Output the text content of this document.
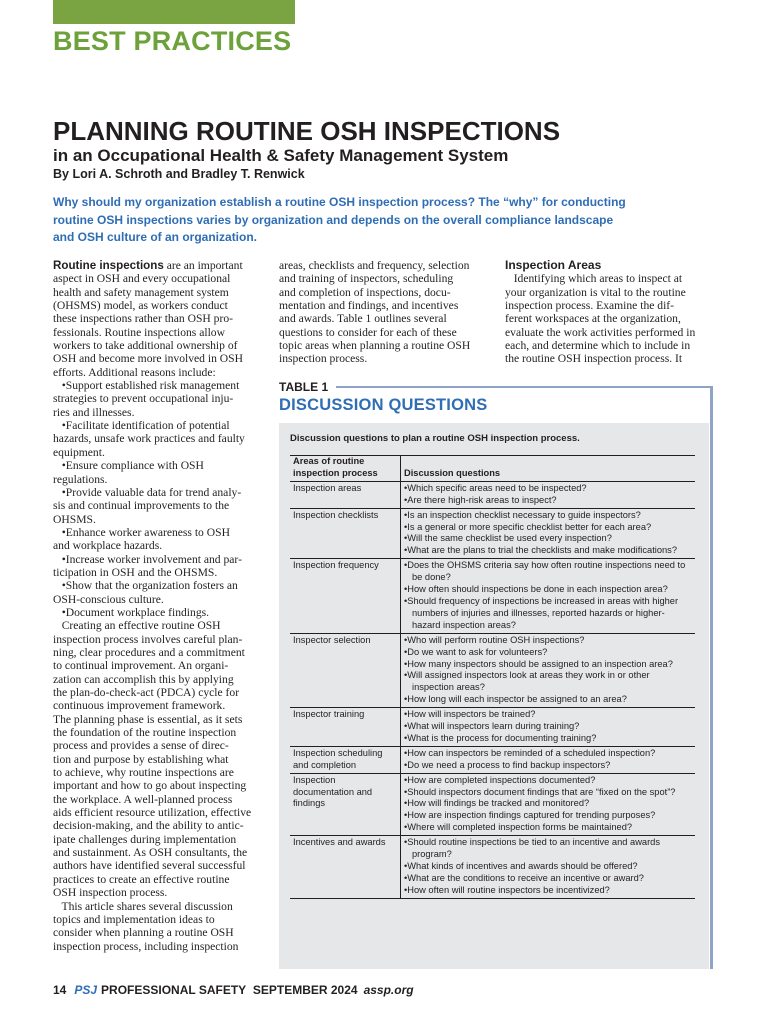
BEST PRACTICES
PLANNING ROUTINE OSH INSPECTIONS
in an Occupational Health & Safety Management System
By Lori A. Schroth and Bradley T. Renwick
Why should my organization establish a routine OSH inspection process? The “why” for conducting
routine OSH inspections varies by organization and depends on the overall compliance landscape
and OSH culture of an organization.
Routine inspections are an important
aspect in OSH and every occupational
health and safety management system
(OHSMS) model, as workers conduct
these inspections rather than OSH pro-
fessionals. Routine inspections allow
workers to take additional ownership of
OSH and become more involved in OSH
efforts. Additional reasons include:
•Support established risk management
strategies to prevent occupational inju-
ries and illnesses.
•Facilitate identification of potential
hazards, unsafe work practices and faulty
equipment.
•Ensure compliance with OSH
regulations.
•Provide valuable data for trend analy-
sis and continual improvements to the
OHSMS.
•Enhance worker awareness to OSH
and workplace hazards.
•Increase worker involvement and par-
ticipation in OSH and the OHSMS.
•Show that the organization fosters an
OSH-conscious culture.
•Document workplace findings.
Creating an effective routine OSH
inspection process involves careful plan-
ning, clear procedures and a commitment
to continual improvement. An organi-
zation can accomplish this by applying
the plan-do-check-act (PDCA) cycle for
continuous improvement framework.
The planning phase is essential, as it sets
the foundation of the routine inspection
process and provides a sense of direc-
tion and purpose by establishing what
to achieve, why routine inspections are
important and how to go about inspecting
the workplace. A well-planned process
aids efficient resource utilization, effective
decision-making, and the ability to antic-
ipate challenges during implementation
and sustainment. As OSH consultants, the
authors have identified several successful
practices to create an effective routine
OSH inspection process.
This article shares several discussion
topics and implementation ideas to
consider when planning a routine OSH
inspection process, including inspection
areas, checklists and frequency, selection
and training of inspectors, scheduling
and completion of inspections, docu-
mentation and findings, and incentives
and awards. Table 1 outlines several
questions to consider for each of these
topic areas when planning a routine OSH
inspection process.
Inspection Areas
Identifying which areas to inspect at
your organization is vital to the routine
inspection process. Examine the dif-
ferent workspaces at the organization,
evaluate the work activities performed in
each, and determine which to include in
the routine OSH inspection process. It
TABLE 1
DISCUSSION QUESTIONS
Discussion questions to plan a routine OSH inspection process.
Areas of routine inspection process	Discussion questions
Inspection areas	•Which specific areas need to be inspected?
•Are there high-risk areas to inspect?

Inspection checklists	•Is an inspection checklist necessary to guide inspectors?
•Is a general or more specific checklist better for each area?
•Will the same checklist be used every inspection?
•What are the plans to trial the checklists and make modifications?

Inspection frequency	•Does the OHSMS criteria say how often routine inspections need to be done?
•How often should inspections be done in each inspection area?
•Should frequency of inspections be increased in areas with higher numbers of injuries and illnesses, reported hazards or higher-hazard inspection areas?

Inspector selection	•Who will perform routine OSH inspections?
•Do we want to ask for volunteers?
•How many inspectors should be assigned to an inspection area?
•Will assigned inspectors look at areas they work in or other inspection areas?
•How long will each inspector be assigned to an area?

Inspector training	•How will inspectors be trained?
•What will inspectors learn during training?
•What is the process for documenting training?

Inspection scheduling and completion	•How can inspectors be reminded of a scheduled inspection?
•Do we need a process to find backup inspectors?

Inspection documentation and findings	•How are completed inspections documented?
•Should inspectors document findings that are “fixed on the spot”?
•How will findings be tracked and monitored?
•How are inspection findings captured for trending purposes?
•Where will completed inspection forms be maintained?

Incentives and awards	•Should routine inspections be tied to an incentive and awards program?
•What kinds of incentives and awards should be offered?
•What are the conditions to receive an incentive or award?
•How often will routine inspectors be incentivized?
14 PSJ PROFESSIONAL SAFETY SEPTEMBER 2024 assp.org
